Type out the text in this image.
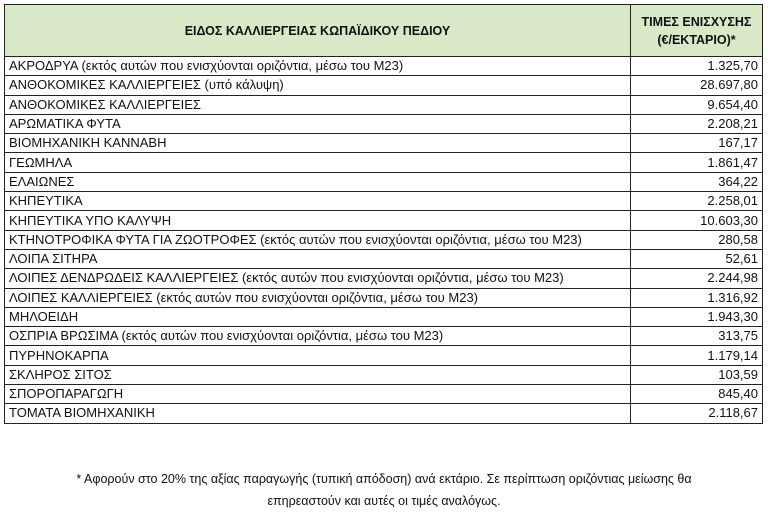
ΕΙΔΟΣ ΚΑΛΛΙΕΡΓΕΙΑΣ ΚΩΠΑΪΔΙΚΟΥ ΠΕΔΙΟΥ	ΤΙΜΕΣ ΕΝΙΣΧΥΣΗΣ
(€/ΕΚΤΑΡΙΟ)*
ΑΚΡΟΔΡΥΑ (εκτός αυτών που ενισχύονται οριζόντια, μέσω του Μ23)	1.325,70
ΑΝΘΟΚΟΜΙΚΕΣ ΚΑΛΛΙΕΡΓΕΙΕΣ (υπό κάλυψη)	28.697,80
ΑΝΘΟΚΟΜΙΚΕΣ ΚΑΛΛΙΕΡΓΕΙΕΣ	9.654,40
ΑΡΩΜΑΤΙΚΑ ΦΥΤΑ	2.208,21
ΒΙΟΜΗΧΑΝΙΚΗ ΚΑΝΝΑΒΗ	167,17
ΓΕΩΜΗΛΑ	1.861,47
ΕΛΑΙΩΝΕΣ	364,22
ΚΗΠΕΥΤΙΚΑ	2.258,01
ΚΗΠΕΥΤΙΚΑ ΥΠΟ ΚΑΛΥΨΗ	10.603,30
ΚΤΗΝΟΤΡΟΦΙΚΑ ΦΥΤΑ ΓΙΑ ΖΩΟΤΡΟΦΕΣ (εκτός αυτών που ενισχύονται οριζόντια, μέσω του Μ23)	280,58
ΛΟΙΠΑ ΣΙΤΗΡΑ	52,61
ΛΟΙΠΕΣ ΔΕΝΔΡΩΔΕΙΣ ΚΑΛΛΙΕΡΓΕΙΕΣ (εκτός αυτών που ενισχύονται οριζόντια, μέσω του Μ23)	2.244,98
ΛΟΙΠΕΣ ΚΑΛΛΙΕΡΓΕΙΕΣ (εκτός αυτών που ενισχύονται οριζόντια, μέσω του Μ23)	1.316,92
ΜΗΛΟΕΙΔΗ	1.943,30
ΟΣΠΡΙΑ ΒΡΩΣΙΜΑ (εκτός αυτών που ενισχύονται οριζόντια, μέσω του Μ23)	313,75
ΠΥΡΗΝΟΚΑΡΠΑ	1.179,14
ΣΚΛΗΡΟΣ ΣΙΤΟΣ	103,59
ΣΠΟΡΟΠΑΡΑΓΩΓΗ	845,40
ΤΟΜΑΤΑ ΒΙΟΜΗΧΑΝΙΚΗ	2.118,67
* Αφορούν στο 20% της αξίας παραγωγής (τυπική απόδοση) ανά εκτάριο. Σε περίπτωση οριζόντιας μείωσης θα
επηρεαστούν και αυτές οι τιμές αναλόγως.
